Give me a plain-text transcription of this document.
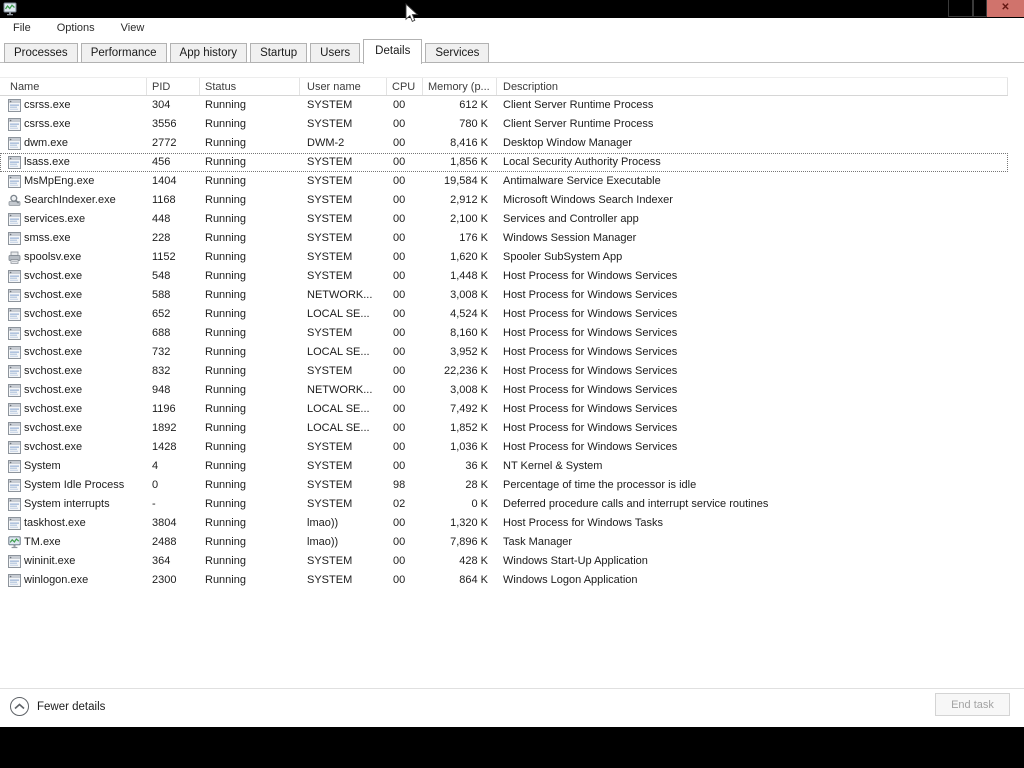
✕
File	Options	View
Processes	Performance	App history	Startup	Users	Details	Services
Name	PID	Status	User name	CPU	Memory (p...	Description
csrss.exe	304	Running	SYSTEM	00	612 K	Client Server Runtime Process
csrss.exe	3556	Running	SYSTEM	00	780 K	Client Server Runtime Process
dwm.exe	2772	Running	DWM-2	00	8,416 K	Desktop Window Manager
lsass.exe	456	Running	SYSTEM	00	1,856 K	Local Security Authority Process
MsMpEng.exe	1404	Running	SYSTEM	00	19,584 K	Antimalware Service Executable
SearchIndexer.exe	1168	Running	SYSTEM	00	2,912 K	Microsoft Windows Search Indexer
services.exe	448	Running	SYSTEM	00	2,100 K	Services and Controller app
smss.exe	228	Running	SYSTEM	00	176 K	Windows Session Manager
spoolsv.exe	1152	Running	SYSTEM	00	1,620 K	Spooler SubSystem App
svchost.exe	548	Running	SYSTEM	00	1,448 K	Host Process for Windows Services
svchost.exe	588	Running	NETWORK...	00	3,008 K	Host Process for Windows Services
svchost.exe	652	Running	LOCAL SE...	00	4,524 K	Host Process for Windows Services
svchost.exe	688	Running	SYSTEM	00	8,160 K	Host Process for Windows Services
svchost.exe	732	Running	LOCAL SE...	00	3,952 K	Host Process for Windows Services
svchost.exe	832	Running	SYSTEM	00	22,236 K	Host Process for Windows Services
svchost.exe	948	Running	NETWORK...	00	3,008 K	Host Process for Windows Services
svchost.exe	1196	Running	LOCAL SE...	00	7,492 K	Host Process for Windows Services
svchost.exe	1892	Running	LOCAL SE...	00	1,852 K	Host Process for Windows Services
svchost.exe	1428	Running	SYSTEM	00	1,036 K	Host Process for Windows Services
System	4	Running	SYSTEM	00	36 K	NT Kernel & System
System Idle Process	0	Running	SYSTEM	98	28 K	Percentage of time the processor is idle
System interrupts	-	Running	SYSTEM	02	0 K	Deferred procedure calls and interrupt service routines
taskhost.exe	3804	Running	lmao))	00	1,320 K	Host Process for Windows Tasks
TM.exe	2488	Running	lmao))	00	7,896 K	Task Manager
wininit.exe	364	Running	SYSTEM	00	428 K	Windows Start-Up Application
winlogon.exe	2300	Running	SYSTEM	00	864 K	Windows Logon Application
Fewer details	End task
